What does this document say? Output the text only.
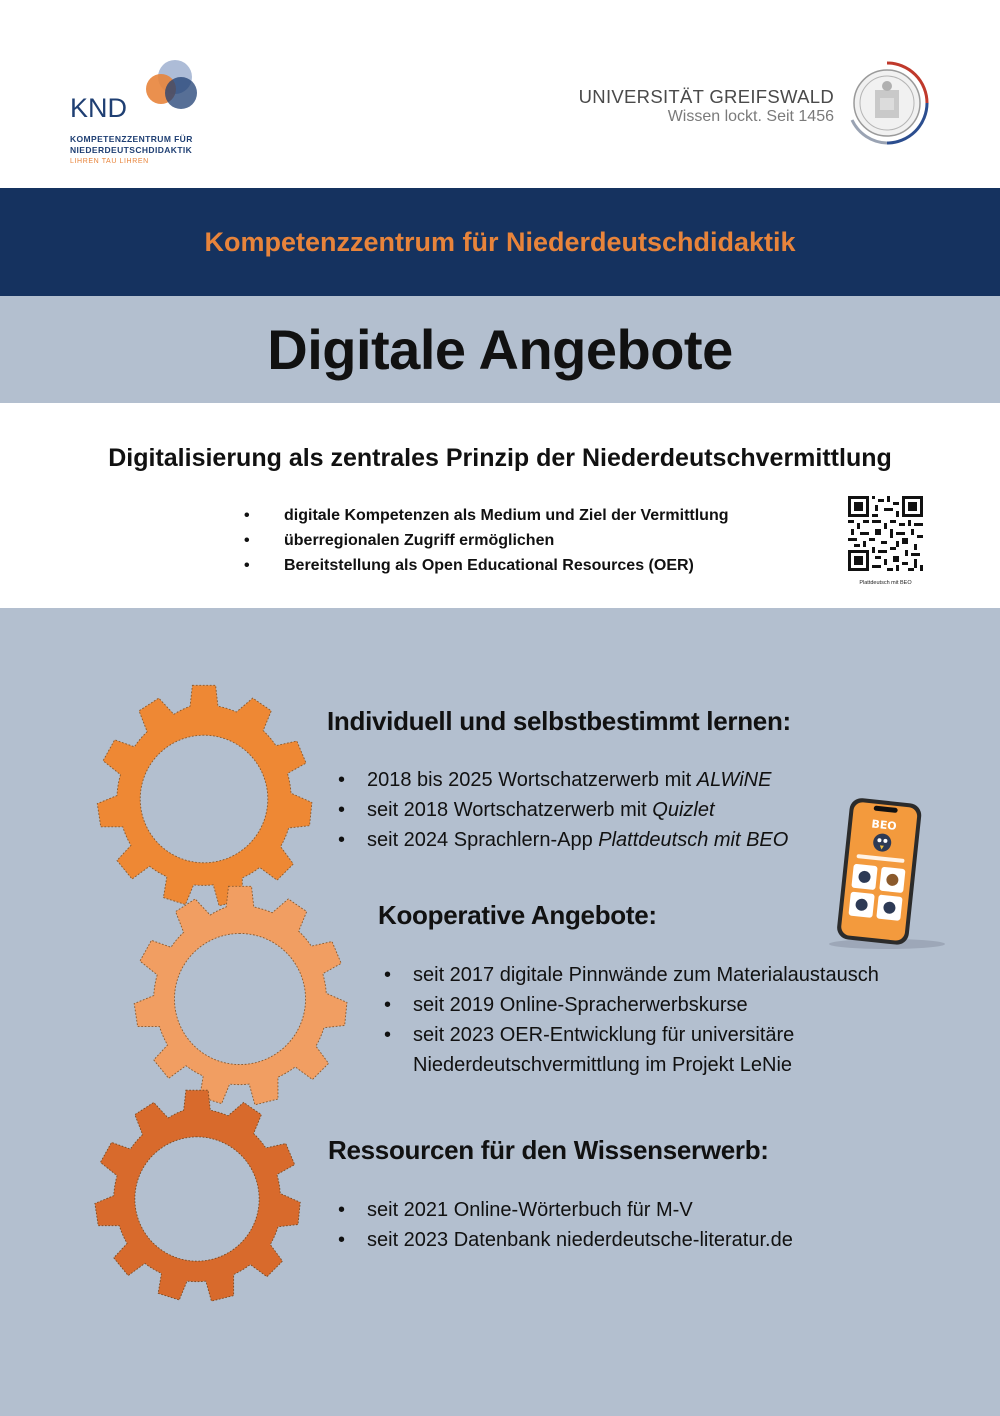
KND
KOMPETENZZENTRUM FÜR
NIEDERDEUTSCHDIDAKTIK
LIHREN TAU LIHREN
UNIVERSITÄT GREIFSWALD
Wissen lockt. Seit 1456
Kompetenzzentrum für Niederdeutschdidaktik
Digitale Angebote
Digitalisierung als zentrales Prinzip der Niederdeutschvermittlung
• digitale Kompetenzen als Medium und Ziel der Vermittlung
• überregionalen Zugriff ermöglichen
• Bereitstellung als Open Educational Resources (OER)
Plattdeutsch mit BEO
Individuell und selbstbestimmt lernen:
• 2018 bis 2025 Wortschatzerwerb mit ALWiNE
• seit 2018 Wortschatzerwerb mit Quizlet
• seit 2024 Sprachlern-App Plattdeutsch mit BEO
BEO
Kooperative Angebote:
• seit 2017 digitale Pinnwände zum Materialaustausch
• seit 2019 Online-Spracherwerbskurse
• seit 2023 OER-Entwicklung für universitäre
Niederdeutschvermittlung im Projekt LeNie
Ressourcen für den Wissenserwerb:
• seit 2021 Online-Wörterbuch für M-V
• seit 2023 Datenbank niederdeutsche-literatur.de
